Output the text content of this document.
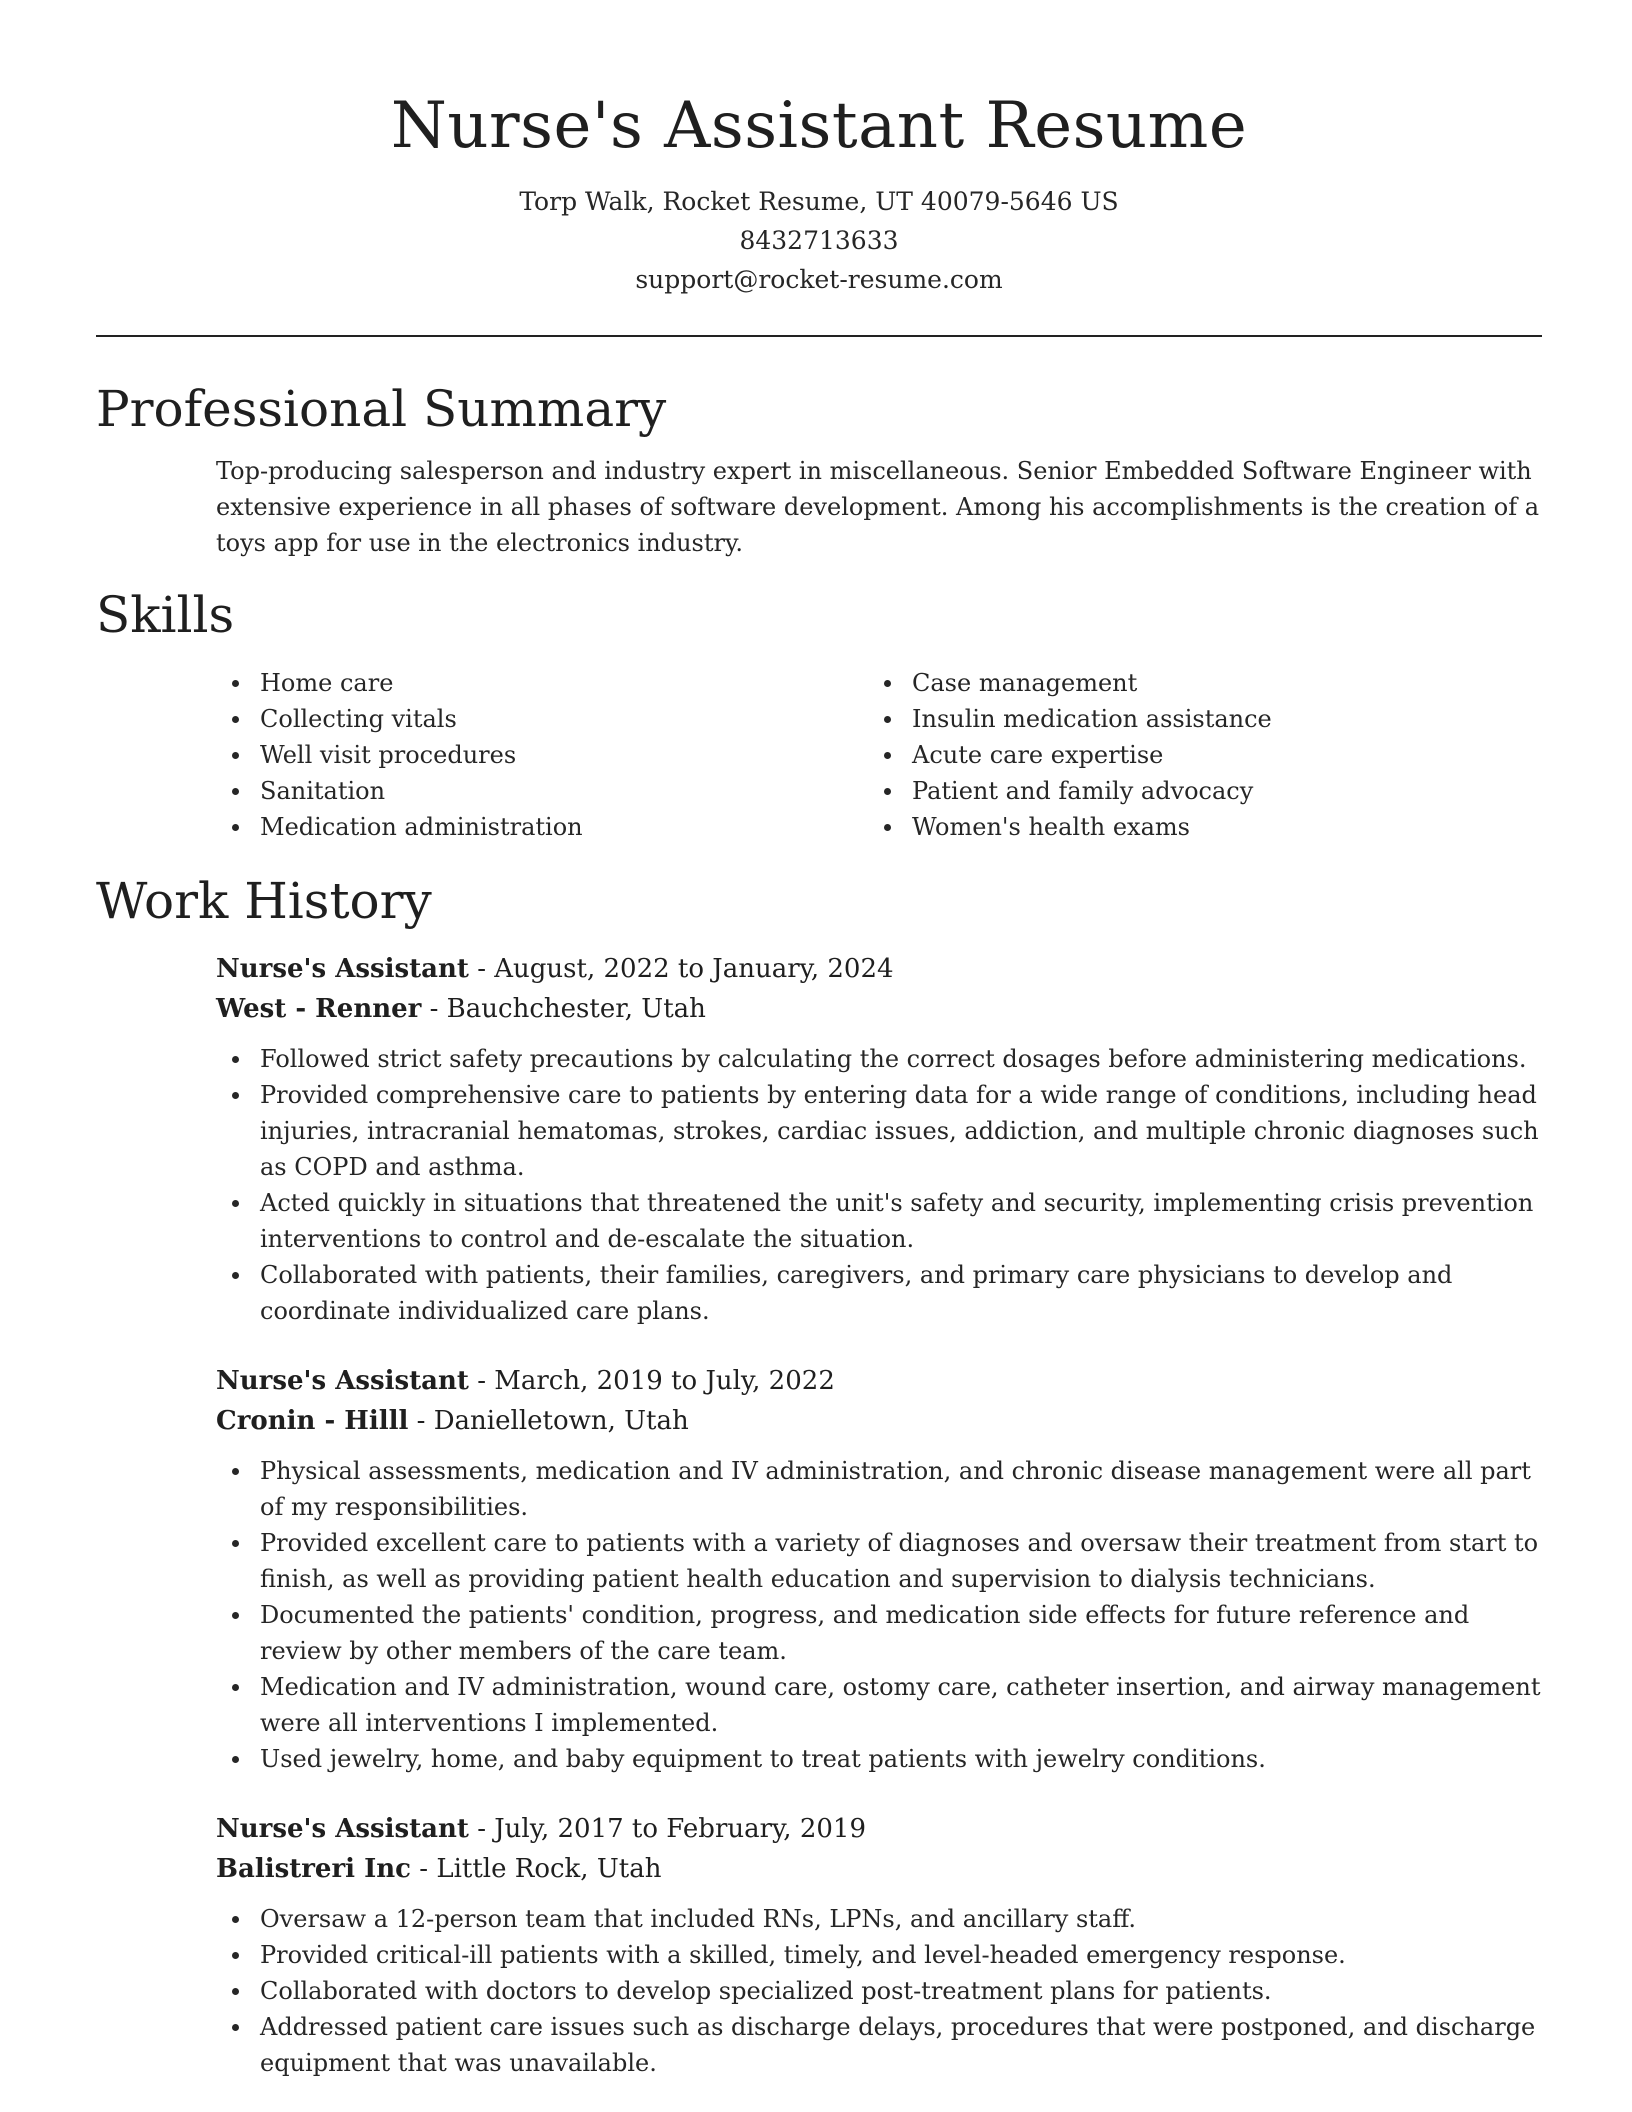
Nurse's Assistant Resume
Torp Walk, Rocket Resume, UT 40079-5646 US
8432713633
support@rocket-resume.com
Professional Summary

Top-producing salesperson and industry expert in miscellaneous. Senior Embedded Software Engineer with extensive experience in all phases of software development. Among his accomplishments is the creation of a toys app for use in the electronics industry.

Skills
Home care
Collecting vitals
Well visit procedures
Sanitation
Medication administration
Case management
Insulin medication assistance
Acute care expertise
Patient and family advocacy
Women's health exams
Work History
Nurse's Assistant - August, 2022 to January, 2024
West - Renner - Bauchchester, Utah
Followed strict safety precautions by calculating the correct dosages before administering medications.
Provided comprehensive care to patients by entering data for a wide range of conditions, including head injuries, intracranial hematomas, strokes, cardiac issues, addiction, and multiple chronic diagnoses such as COPD and asthma.
Acted quickly in situations that threatened the unit's safety and security, implementing crisis prevention interventions to control and de-escalate the situation.
Collaborated with patients, their families, caregivers, and primary care physicians to develop and coordinate individualized care plans.
Nurse's Assistant - March, 2019 to July, 2022
Cronin - Hilll - Danielletown, Utah
Physical assessments, medication and IV administration, and chronic disease management were all part of my responsibilities.
Provided excellent care to patients with a variety of diagnoses and oversaw their treatment from start to finish, as well as providing patient health education and supervision to dialysis technicians.
Documented the patients' condition, progress, and medication side effects for future reference and review by other members of the care team.
Medication and IV administration, wound care, ostomy care, catheter insertion, and airway management were all interventions I implemented.
Used jewelry, home, and baby equipment to treat patients with jewelry conditions.
Nurse's Assistant - July, 2017 to February, 2019
Balistreri Inc - Little Rock, Utah
Oversaw a 12-person team that included RNs, LPNs, and ancillary staff.
Provided critical-ill patients with a skilled, timely, and level-headed emergency response.
Collaborated with doctors to develop specialized post-treatment plans for patients.
Addressed patient care issues such as discharge delays, procedures that were postponed, and discharge equipment that was unavailable.
